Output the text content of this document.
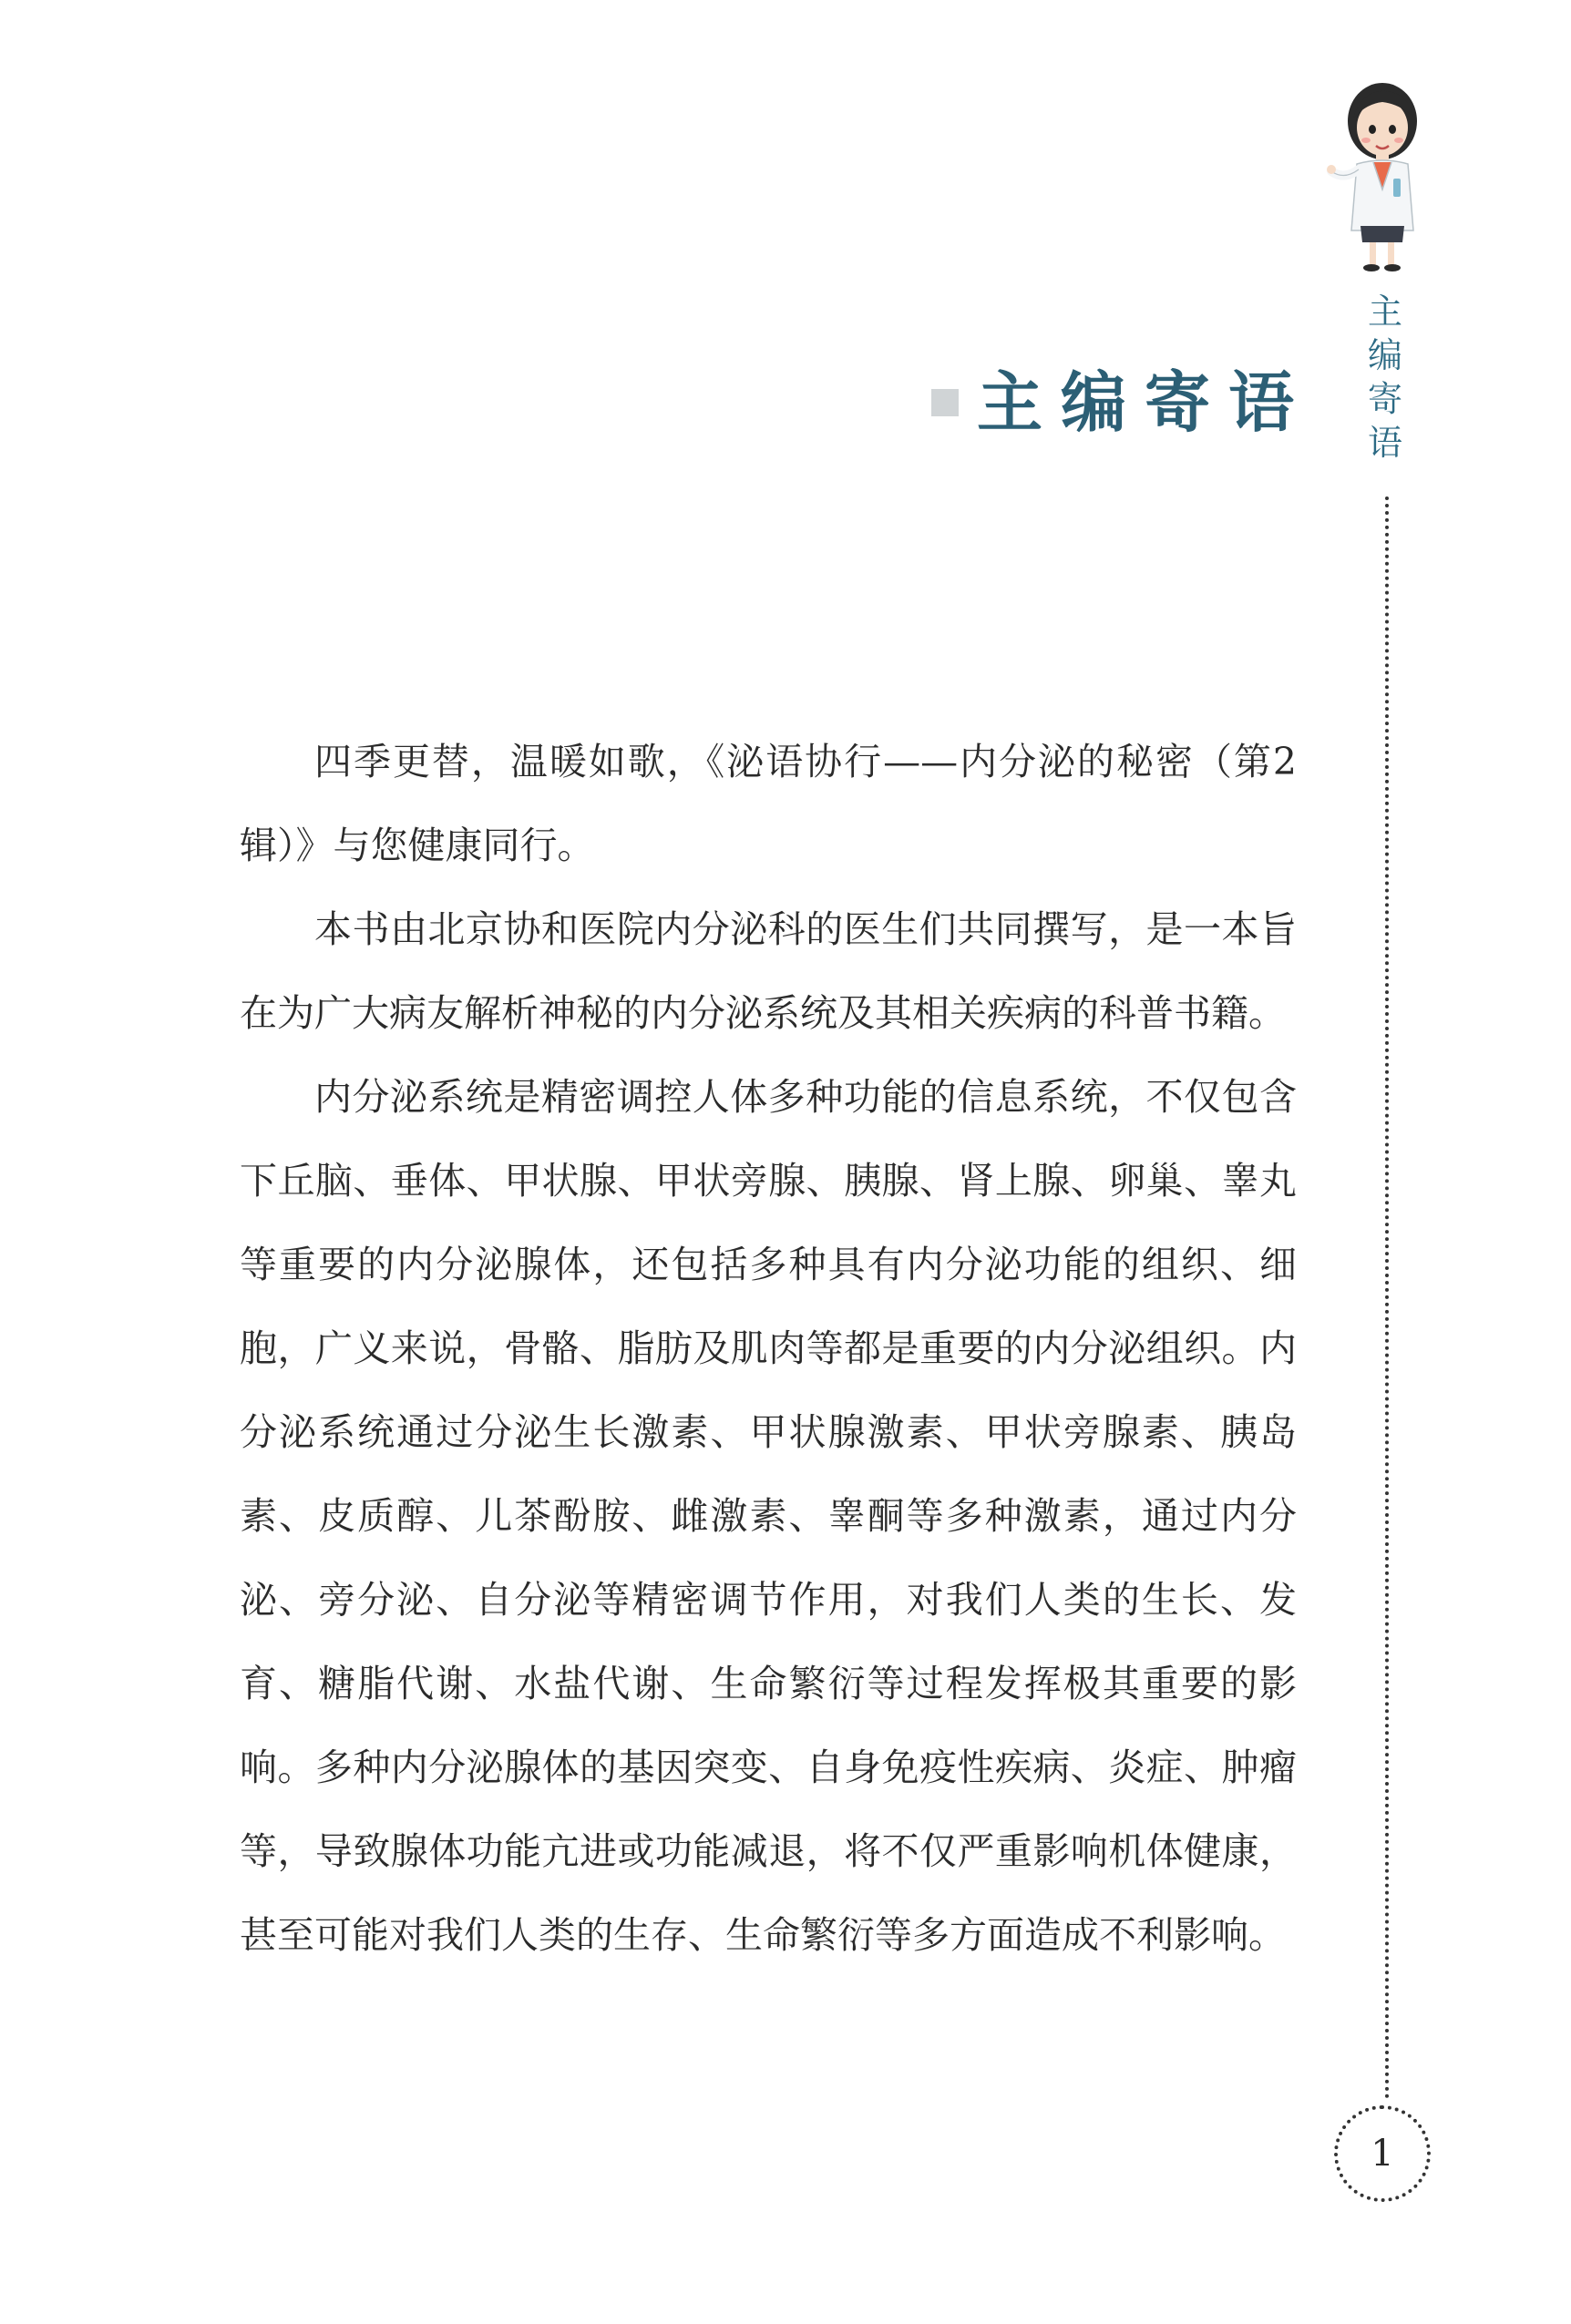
主编寄语
主编寄语
1

四季更替，温暖如歌，《泌语协行——内分泌的秘密（第2辑）》与您健康同行。

本书由北京协和医院内分泌科的医生们共同撰写，是一本旨在为广大病友解析神秘的内分泌系统及其相关疾病的科普书籍。

内分泌系统是精密调控人体多种功能的信息系统，不仅包含下丘脑、垂体、甲状腺、甲状旁腺、胰腺、肾上腺、卵巢、睾丸等重要的内分泌腺体，还包括多种具有内分泌功能的组织、细胞，广义来说，骨骼、脂肪及肌肉等都是重要的内分泌组织。内分泌系统通过分泌生长激素、甲状腺激素、甲状旁腺素、胰岛素、皮质醇、儿茶酚胺、雌激素、睾酮等多种激素，通过内分泌、旁分泌、自分泌等精密调节作用，对我们人类的生长、发育、糖脂代谢、水盐代谢、生命繁衍等过程发挥极其重要的影响。多种内分泌腺体的基因突变、自身免疫性疾病、炎症、肿瘤等，导致腺体功能亢进或功能减退，将不仅严重影响机体健康，甚至可能对我们人类的生存、生命繁衍等多方面造成不利影响。
